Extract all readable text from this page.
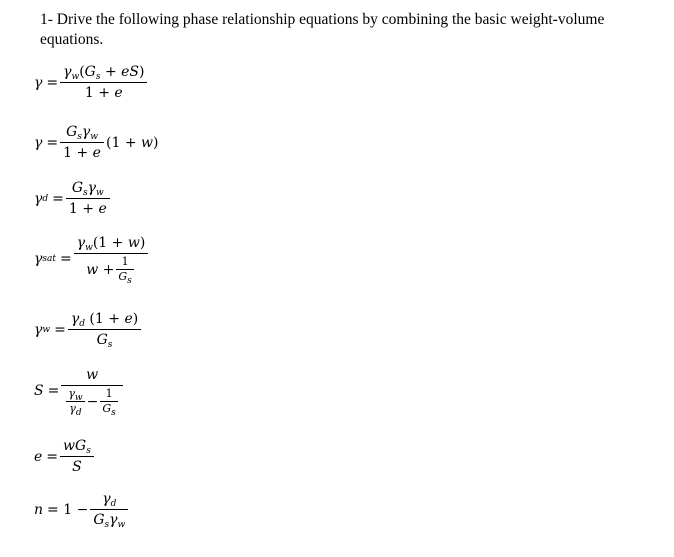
1- Drive the following phase relationship equations by combining the basic weight-volume equations.
$\gamma = \frac{\gamma_w(G_s + eS)}{1 + e}$
$\gamma = \frac{G_s\gamma_w}{1 + e}$ ( 1
+
w )
γ $d = \frac{G_s\gamma_w}{1 + e}$
γ sat = $\gamma_w(1 + w)$
w
+ $\frac{1}{G_s}$
γ $w = \frac{\gamma_d (1 + e)}{G_s}$
S =
w
$\frac{\gamma_w}{\gamma_d} - \frac{1}{G_s}$
$e = \frac{wG_s}{S}$
n =
1
− $\frac{\gamma_d}{G_s\gamma_w}$
